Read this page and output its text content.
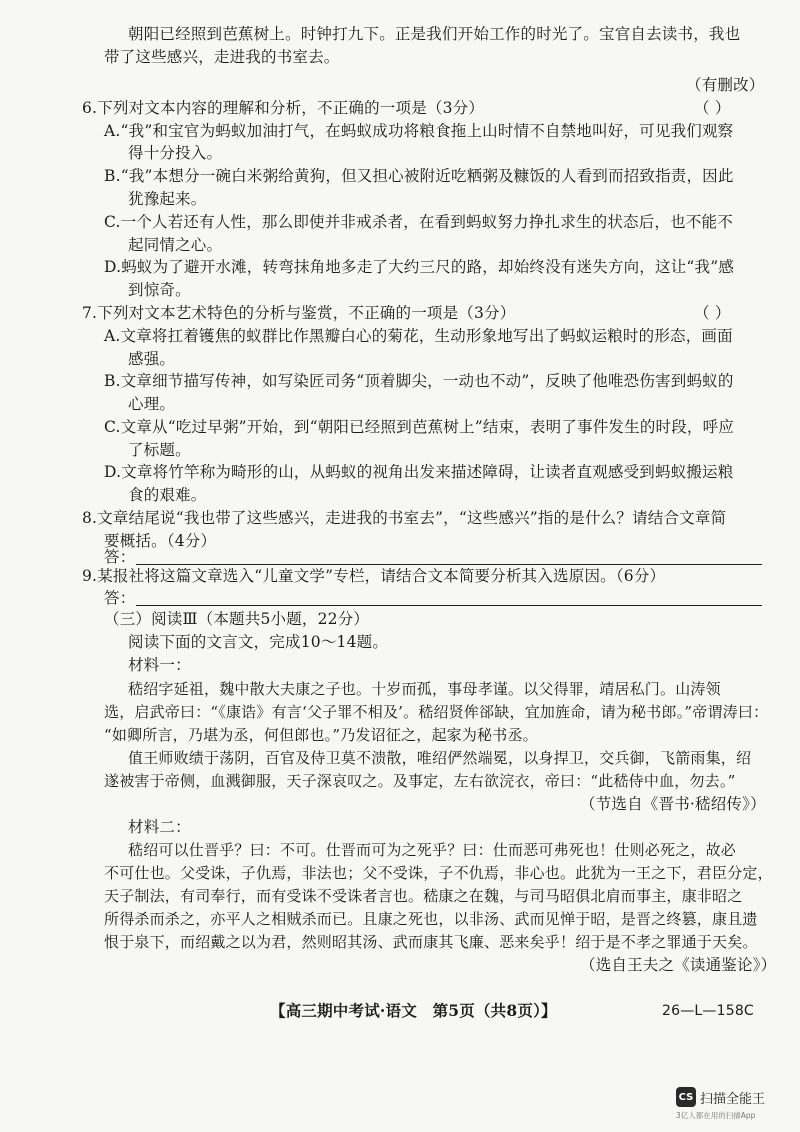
朝阳已经照到芭蕉树上。时钟打九下。正是我们开始工作的时光了。宝官自去读书，我也
带了这些感兴，走进我的书室去。
（有删改）
6.下列对文本内容的理解和分析，不正确的一项是（3分）	（ ）
A.“我”和宝官为蚂蚁加油打气，在蚂蚁成功将粮食拖上山时情不自禁地叫好，可见我们观察
得十分投入。
B.“我”本想分一碗白米粥给黄狗，但又担心被附近吃粞粥及糠饭的人看到而招致指责，因此
犹豫起来。
C.一个人若还有人性，那么即使并非戒杀者，在看到蚂蚁努力挣扎求生的状态后，也不能不
起同情之心。
D.蚂蚁为了避开水滩，转弯抹角地多走了大约三尺的路，却始终没有迷失方向，这让“我”感
到惊奇。
7.下列对文本艺术特色的分析与鉴赏，不正确的一项是（3分）	（ ）
A.文章将扛着镬焦的蚁群比作黑瓣白心的菊花，生动形象地写出了蚂蚁运粮时的形态，画面
感强。
B.文章细节描写传神，如写染匠司务“顶着脚尖，一动也不动”，反映了他唯恐伤害到蚂蚁的
心理。
C.文章从“吃过早粥”开始，到“朝阳已经照到芭蕉树上”结束，表明了事件发生的时段，呼应
了标题。
D.文章将竹竿称为畸形的山，从蚂蚁的视角出发来描述障碍，让读者直观感受到蚂蚁搬运粮
食的艰难。
8.文章结尾说“我也带了这些感兴，走进我的书室去”，“这些感兴”指的是什么？请结合文章简
要概括。（4分）
答：
9.某报社将这篇文章选入“儿童文学”专栏，请结合文本简要分析其入选原因。（6分）
答：
（三）阅读Ⅲ（本题共5小题，22分）
阅读下面的文言文，完成10～14题。
材料一：
嵇绍字延祖，魏中散大夫康之子也。十岁而孤，事母孝谨。以父得罪，靖居私门。山涛领
选，启武帝曰：“《康诰》有言‘父子罪不相及’。嵇绍贤侔郤缺，宜加旌命，请为秘书郎。”帝谓涛曰：
“如卿所言，乃堪为丞，何但郎也。”乃发诏征之，起家为秘书丞。
值王师败绩于荡阴，百官及侍卫莫不溃散，唯绍俨然端冕，以身捍卫，交兵御，飞箭雨集，绍
遂被害于帝侧，血溅御服，天子深哀叹之。及事定，左右欲浣衣，帝曰：“此嵇侍中血，勿去。”
（节选自《晋书·嵇绍传》）
材料二：
嵇绍可以仕晋乎？曰：不可。仕晋而可为之死乎？曰：仕而恶可弗死也！仕则必死之，故必
不可仕也。父受诛，子仇焉，非法也；父不受诛，子不仇焉，非心也。此犹为一王之下，君臣分定，
天子制法，有司奉行，而有受诛不受诛者言也。嵇康之在魏，与司马昭俱北肩而事主，康非昭之
所得杀而杀之，亦平人之相贼杀而已。且康之死也，以非汤、武而见惮于昭，是晋之终篡，康且遗
恨于泉下，而绍戴之以为君，然则昭其汤、武而康其飞廉、恶来矣乎！绍于是不孝之罪通于天矣。
（选自王夫之《读通鉴论》）
【高三期中考试·语文　第5页（共8页）】	26—L—158C
CS 扫描全能王
3亿人都在用的扫描App
